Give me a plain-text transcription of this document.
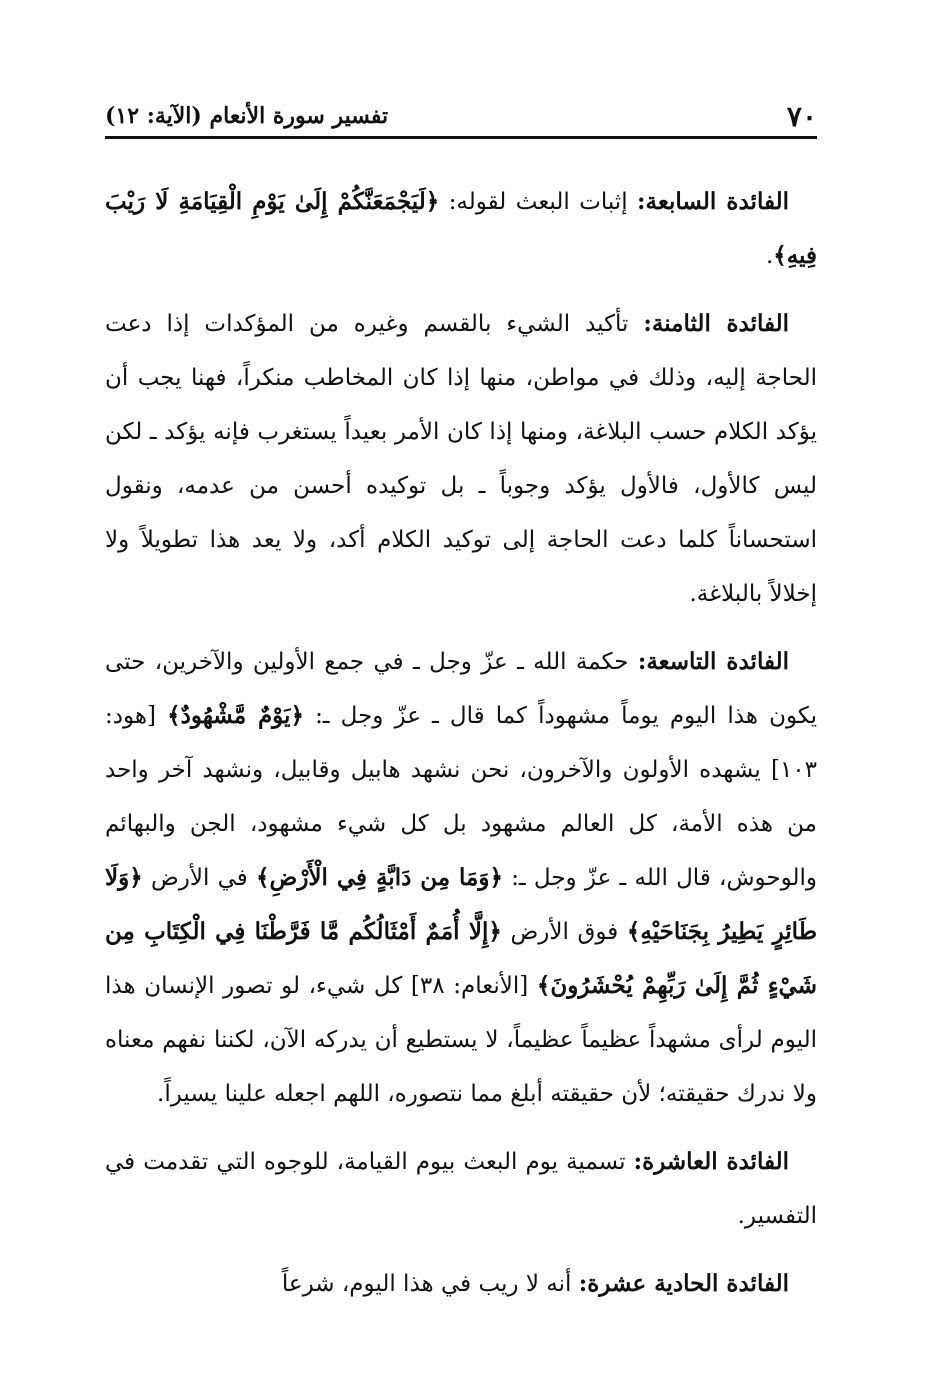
٧٠
تفسير سورة الأنعام (الآية: ١٢)

الفائدة السابعة: إثبات البعث لقوله: ﴿لَيَجْمَعَنَّكُمْ إِلَىٰ يَوْمِ الْقِيَامَةِ لَا رَيْبَ فِيهِ﴾.

الفائدة الثامنة: تأكيد الشيء بالقسم وغيره من المؤكدات إذا دعت الحاجة إليه، وذلك في مواطن، منها إذا كان المخاطب منكراً، فهنا يجب أن يؤكد الكلام حسب البلاغة، ومنها إذا كان الأمر بعيداً يستغرب فإنه يؤكد ـ لكن ليس كالأول، فالأول يؤكد وجوباً ـ بل توكيده أحسن من عدمه، ونقول استحساناً كلما دعت الحاجة إلى توكيد الكلام أكد، ولا يعد هذا تطويلاً ولا إخلالاً بالبلاغة.

الفائدة التاسعة: حكمة الله ـ عزّ وجل ـ في جمع الأولين والآخرين، حتى يكون هذا اليوم يوماً مشهوداً كما قال ـ عزّ وجل ـ: ﴿يَوْمٌ مَّشْهُودٌ﴾ [هود: ١٠٣] يشهده الأولون والآخرون، نحن نشهد هابيل وقابيل، ونشهد آخر واحد من هذه الأمة، كل العالم مشهود بل كل شيء مشهود، الجن والبهائم والوحوش، قال الله ـ عزّ وجل ـ: ﴿وَمَا مِن دَابَّةٍ فِي الْأَرْضِ﴾ في الأرض ﴿وَلَا طَائِرٍ يَطِيرُ بِجَنَاحَيْهِ﴾ فوق الأرض ﴿إِلَّا أُمَمٌ أَمْثَالُكُم مَّا فَرَّطْنَا فِي الْكِتَابِ مِن شَيْءٍ ثُمَّ إِلَىٰ رَبِّهِمْ يُحْشَرُونَ﴾ [الأنعام: ٣٨] كل شيء، لو تصور الإنسان هذا اليوم لرأى مشهداً عظيماً عظيماً، لا يستطيع أن يدركه الآن، لكننا نفهم معناه ولا ندرك حقيقته؛ لأن حقيقته أبلغ مما نتصوره، اللهم اجعله علينا يسيراً.

الفائدة العاشرة: تسمية يوم البعث بيوم القيامة، للوجوه التي تقدمت في التفسير.

الفائدة الحادية عشرة: أنه لا ريب في هذا اليوم، شرعاً
